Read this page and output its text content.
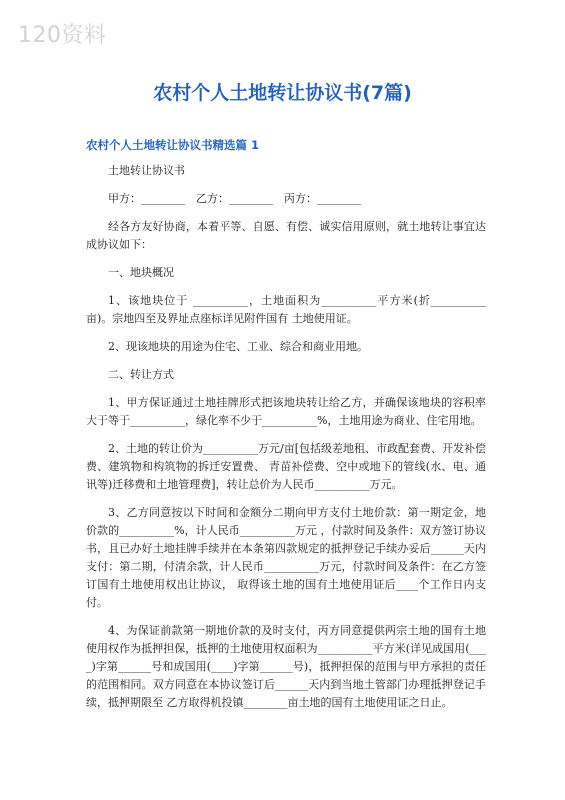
120资料
农村个人土地转让协议书(7篇)
农村个人土地转让协议书精选篇 1

土地转让协议书

甲方：________　乙方：________　丙方：________

经各方友好协商，本着平等、自愿、有偿、诚实信用原则，就土地转让事宜达成协议如下：

一、地块概况

1、该地块位于 __________，土地面积为__________平方米(折__________亩)。宗地四至及界址点座标详见附件国有 土地使用证。

2、现该地块的用途为住宅、工业、综合和商业用地。

二、转让方式

1、甲方保证通过土地挂牌形式把该地块转让给乙方，并确保该地块的容积率大于等于__________，绿化率不少于__________%，土地用途为商业、住宅用地。

2、土地的转让价为__________万元/亩[包括级差地租、市政配套费、开发补偿费、建筑物和构筑物的拆迁安置费、 青苗补偿费、空中或地下的管线(水、电、通讯等)迁移费和土地管理费]，转让总价为人民币__________万元。

3、乙方同意按以下时间和金额分二期向甲方支付土地价款：第一期定金，地价款的__________%，计人民币__________万元 ，付款时间及条件：双方签订协议书，且已办好土地挂牌手续并在本条第四款规定的抵押登记手续办妥后______天内支付：第二期，付清余款，计人民币__________万元，付款时间及条件：在乙方签订国有土地使用权出让协议， 取得该土地的国有土地使用证后____个工作日内支付。

4、为保证前款第一期地价款的及时支付，丙方同意提供两宗土地的国有土地使用权作为抵押担保，抵押的土地使用权面积为__________平方米(详见成国用(____)字第______号和成国用(____)字第______号)，抵押担保的范围与甲方承担的责任的范围相同。双方同意在本协议签订后______天内到当地土管部门办理抵押登记手续，抵押期限至 乙方取得机投镇________亩土地的国有土地使用证之日止。
